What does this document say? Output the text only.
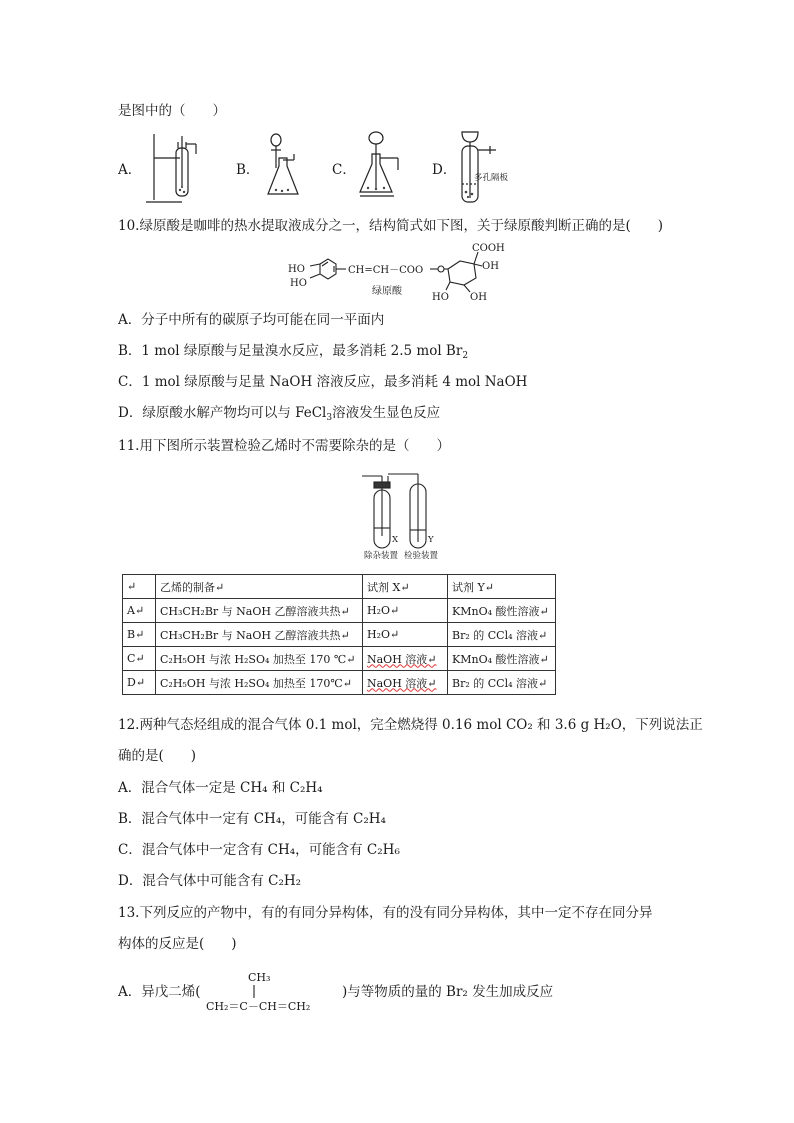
是图中的（　　）
A．	B．	C．	D． 多孔隔板
10.绿原酸是咖啡的热水提取液成分之一，结构简式如下图，关于绿原酸判断正确的是(　　)
HO
HO
CH=CH－COO
COOH
OH
HO OH
绿原酸
A．分子中所有的碳原子均可能在同一平面内
B．1 mol 绿原酸与足量溴水反应，最多消耗 2.5 mol $Br_2$
C．1 mol 绿原酸与足量 NaOH 溶液反应，最多消耗 4 mol NaOH
D．绿原酸水解产物均可以与 FeCl$_3$溶液发生显色反应
11.用下图所示装置检验乙烯时不需要除杂的是（　　）
X	Y
除杂装置 检验装置
↵	乙烯的制备↵	试剂 X↵	试剂 Y↵
A↵	CH₃CH₂Br 与 NaOH 乙醇溶液共热↵	H₂O↵	KMnO₄ 酸性溶液↵
B↵	CH₃CH₂Br 与 NaOH 乙醇溶液共热↵	H₂O↵	Br₂ 的 CCl₄ 溶液↵
C↵	C₂H₅OH 与浓 H₂SO₄ 加热至 170 ℃↵	NaOH 溶液↵	KMnO₄ 酸性溶液↵
D↵	C₂H₅OH 与浓 H₂SO₄ 加热至 170℃↵	NaOH 溶液↵	Br₂ 的 CCl₄ 溶液↵
12.两种气态烃组成的混合气体 0.1 mol，完全燃烧得 0.16 mol CO₂ 和 3.6 g H₂O，下列说法正
确的是(　　)
A．混合气体一定是 CH₄ 和 C₂H₄
B．混合气体中一定有 CH₄，可能含有 C₂H₄
C．混合气体中一定含有 CH₄，可能含有 C₂H₆
D．混合气体中可能含有 C₂H₂
13.下列反应的产物中，有的有同分异构体，有的没有同分异构体，其中一定不存在同分异
构体的反应是(　　)
A．异戊二烯(
CH₃
CH₂＝C－CH＝CH₂
)与等物质的量的 Br₂ 发生加成反应
